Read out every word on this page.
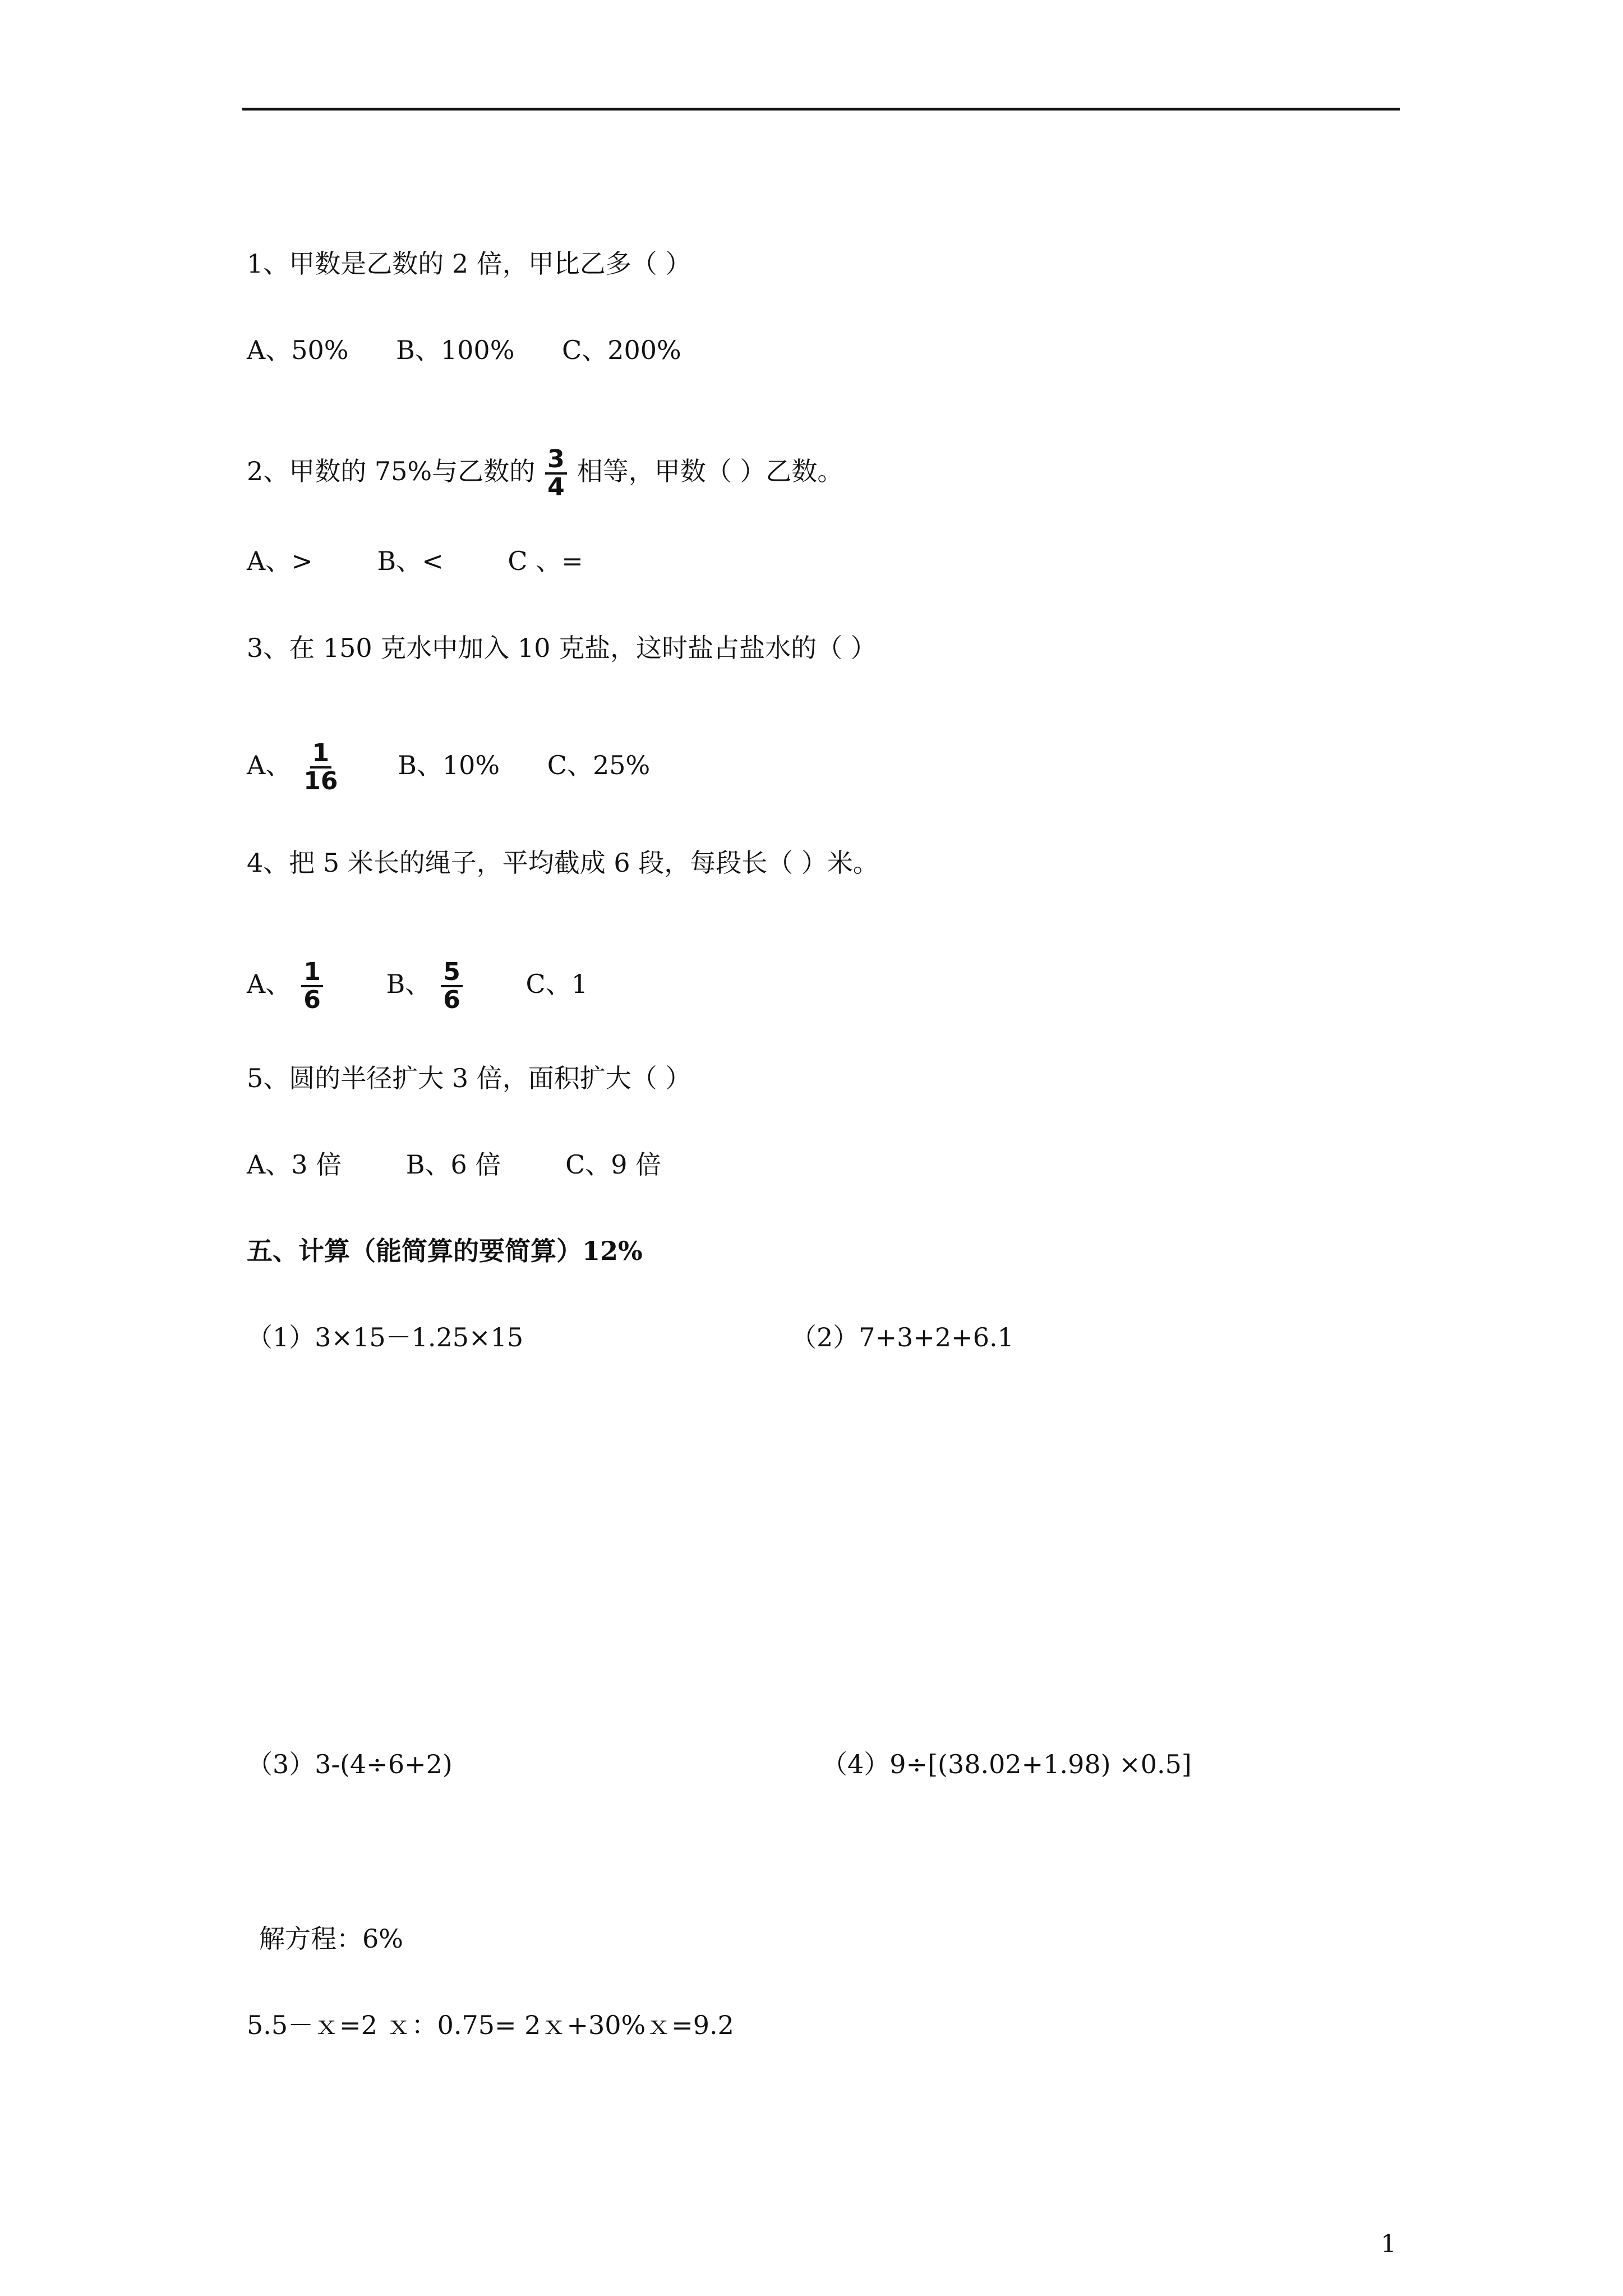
1、甲数是乙数的 2 倍，甲比乙多（ ）
A、50% B、100% C、200%
2、甲数的 75%与乙数的 $\frac{3}{4}$ 相等，甲数（ ）乙数。
A、> B、< C 、=
3、在 150 克水中加入 10 克盐，这时盐占盐水的（ ）
A、 $\frac{1}{16}$ B、10% C、25%
4、把 5 米长的绳子，平均截成 6 段，每段长（ ）米。
A、 $\frac{1}{6}$ B、 $\frac{5}{6}$ C、1
5、圆的半径扩大 3 倍，面积扩大（ ）
A、3 倍 B、6 倍 C、9 倍
五、计算（能简算的要简算）12%
（1）3×15－1.25×15	（2）7+3+2+6.1
（3）3-(4÷6+2)	（4）9÷[(38.02+1.98) ×0.5]
解方程：6%
5.5－ｘ=2 ｘ：0.75= 2ｘ+30%ｘ=9.2
1
